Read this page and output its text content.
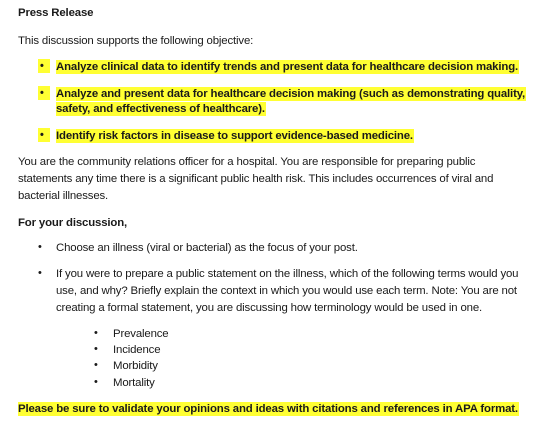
Press Release
This discussion supports the following objective:
•	Analyze clinical data to identify trends and present data for healthcare decision making.
•	Analyze and present data for healthcare decision making (such as demonstrating quality,
safety, and effectiveness of healthcare).
•	Identify risk factors in disease to support evidence-based medicine.
You are the community relations officer for a hospital. You are responsible for preparing public
statements any time there is a significant public health risk. This includes occurrences of viral and
bacterial illnesses.
For your discussion,
• Choose an illness (viral or bacterial) as the focus of your post.
• If you were to prepare a public statement on the illness, which of the following terms would you
use, and why? Briefly explain the context in which you would use each term. Note: You are not
creating a formal statement, you are discussing how terminology would be used in one.
• Prevalence
• Incidence
• Morbidity
• Mortality
Please be sure to validate your opinions and ideas with citations and references in APA format.
